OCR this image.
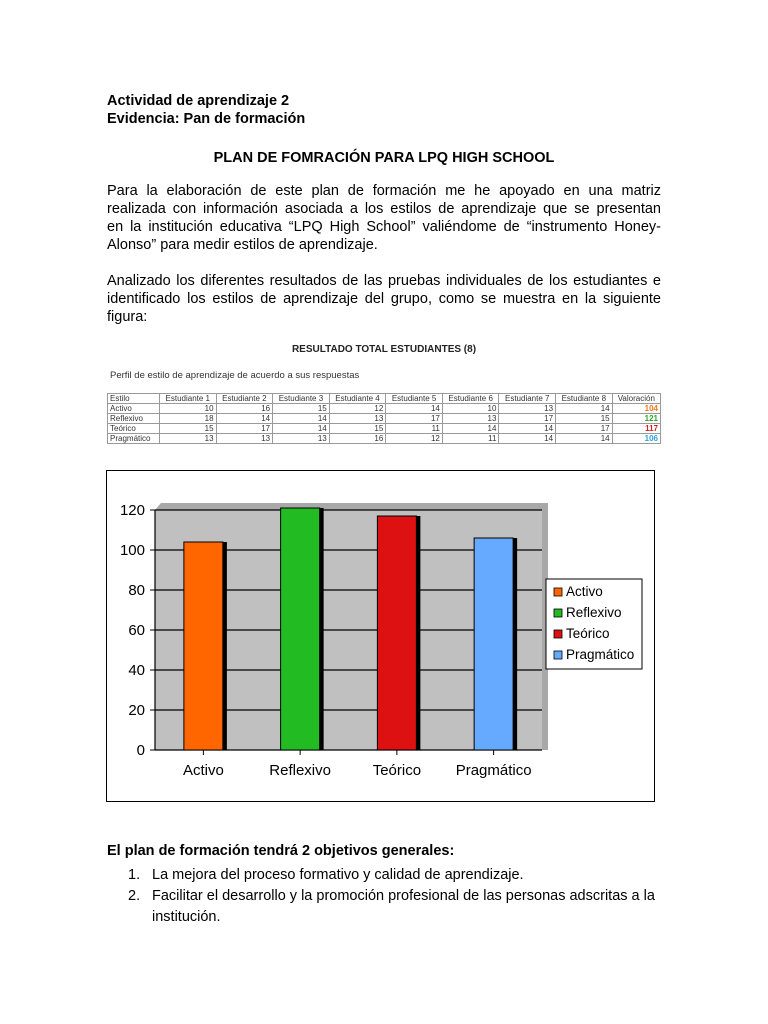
Actividad de aprendizaje 2
Evidencia: Pan de formación
PLAN DE FOMRACIÓN PARA LPQ HIGH SCHOOL
Para la elaboración de este plan de formación me he apoyado en una matriz
realizada con información asociada a los estilos de aprendizaje que se presentan
en la institución educativa “LPQ High School” valiéndome de “instrumento Honey-
Alonso” para medir estilos de aprendizaje.
Analizado los diferentes resultados de las pruebas individuales de los estudiantes e
identificado los estilos de aprendizaje del grupo, como se muestra en la siguiente
figura:
RESULTADO TOTAL ESTUDIANTES (8)
Perfil de estilo de aprendizaje de acuerdo a sus respuestas
Estilo	Estudiante 1	Estudiante 2	Estudiante 3	Estudiante 4	Estudiante 5	Estudiante 6	Estudiante 7	Estudiante 8	Valoración
Activo	10	16	15	12	14	10	13	14	104
Reflexivo	18	14	14	13	17	13	17	15	121
Teórico	15	17	14	15	11	14	14	17	117
Pragmático	13	13	13	16	12	11	14	14	106
0
20
40
60
80
100
120
Activo	Reflexivo	Teórico Pragmático
Activo
Reflexivo
Teórico
Pragmático
El plan de formación tendrá 2 objetivos generales:
1. La mejora del proceso formativo y calidad de aprendizaje.
2. Facilitar el desarrollo y la promoción profesional de las personas adscritas a la institución.
